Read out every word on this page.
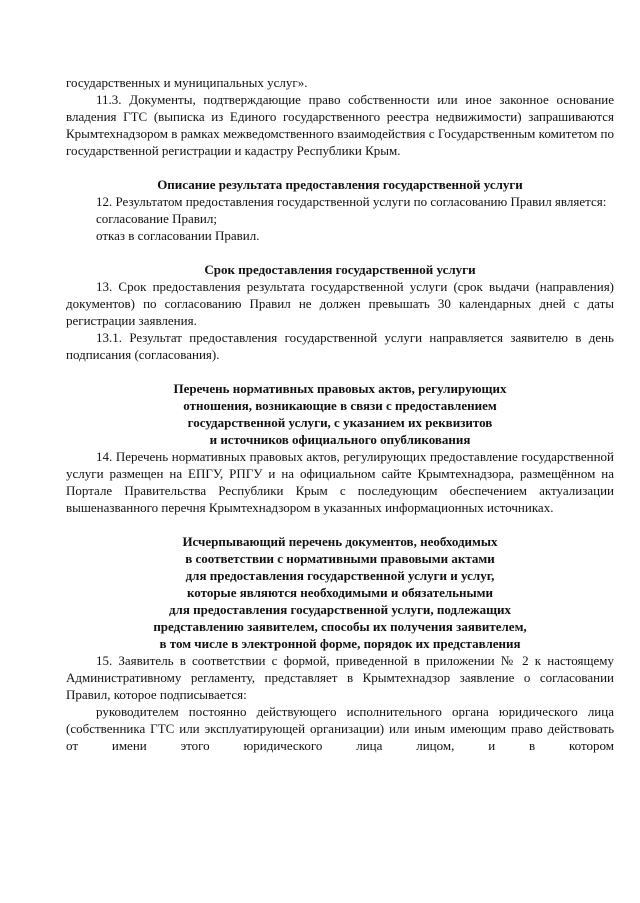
государственных и муниципальных услуг».

11.3. Документы, подтверждающие право собственности или иное законное основание владения ГТС (выписка из Единого государственного реестра недвижимости) запрашиваются Крымтехнадзором в рамках межведомственного взаимодействия с Государственным комитетом по государственной регистрации и кадастру Республики Крым.

Описание результата предоставления государственной услуги

12. Результатом предоставления государственной услуги по согласованию Правил является:

согласование Правил;

отказ в согласовании Правил.

Срок предоставления государственной услуги

13. Срок предоставления результата государственной услуги (срок выдачи (направления) документов) по согласованию Правил не должен превышать 30 календарных дней с даты регистрации заявления.

13.1. Результат предоставления государственной услуги направляется заявителю в день подписания (согласования).

Перечень нормативных правовых актов, регулирующих
отношения, возникающие в связи с предоставлением
государственной услуги, с указанием их реквизитов
и источников официального опубликования

14. Перечень нормативных правовых актов, регулирующих предоставление государственной услуги размещен на ЕПГУ, РПГУ и на официальном сайте Крымтехнадзора, размещённом на Портале Правительства Республики Крым с последующим обеспечением актуализации вышеназванного перечня Крымтехнадзором в указанных информационных источниках.

Исчерпывающий перечень документов, необходимых
в соответствии с нормативными правовыми актами
для предоставления государственной услуги и услуг,
которые являются необходимыми и обязательными
для предоставления государственной услуги, подлежащих
представлению заявителем, способы их получения заявителем,
в том числе в электронной форме, порядок их представления

15. Заявитель в соответствии с формой, приведенной в приложении № 2 к настоящему Административному регламенту, представляет в Крымтехнадзор заявление о согласовании Правил, которое подписывается:

руководителем постоянно действующего исполнительного органа юридического лица (собственника ГТС или эксплуатирующей организации) или иным имеющим право действовать от имени этого юридического лица лицом, и в котором
